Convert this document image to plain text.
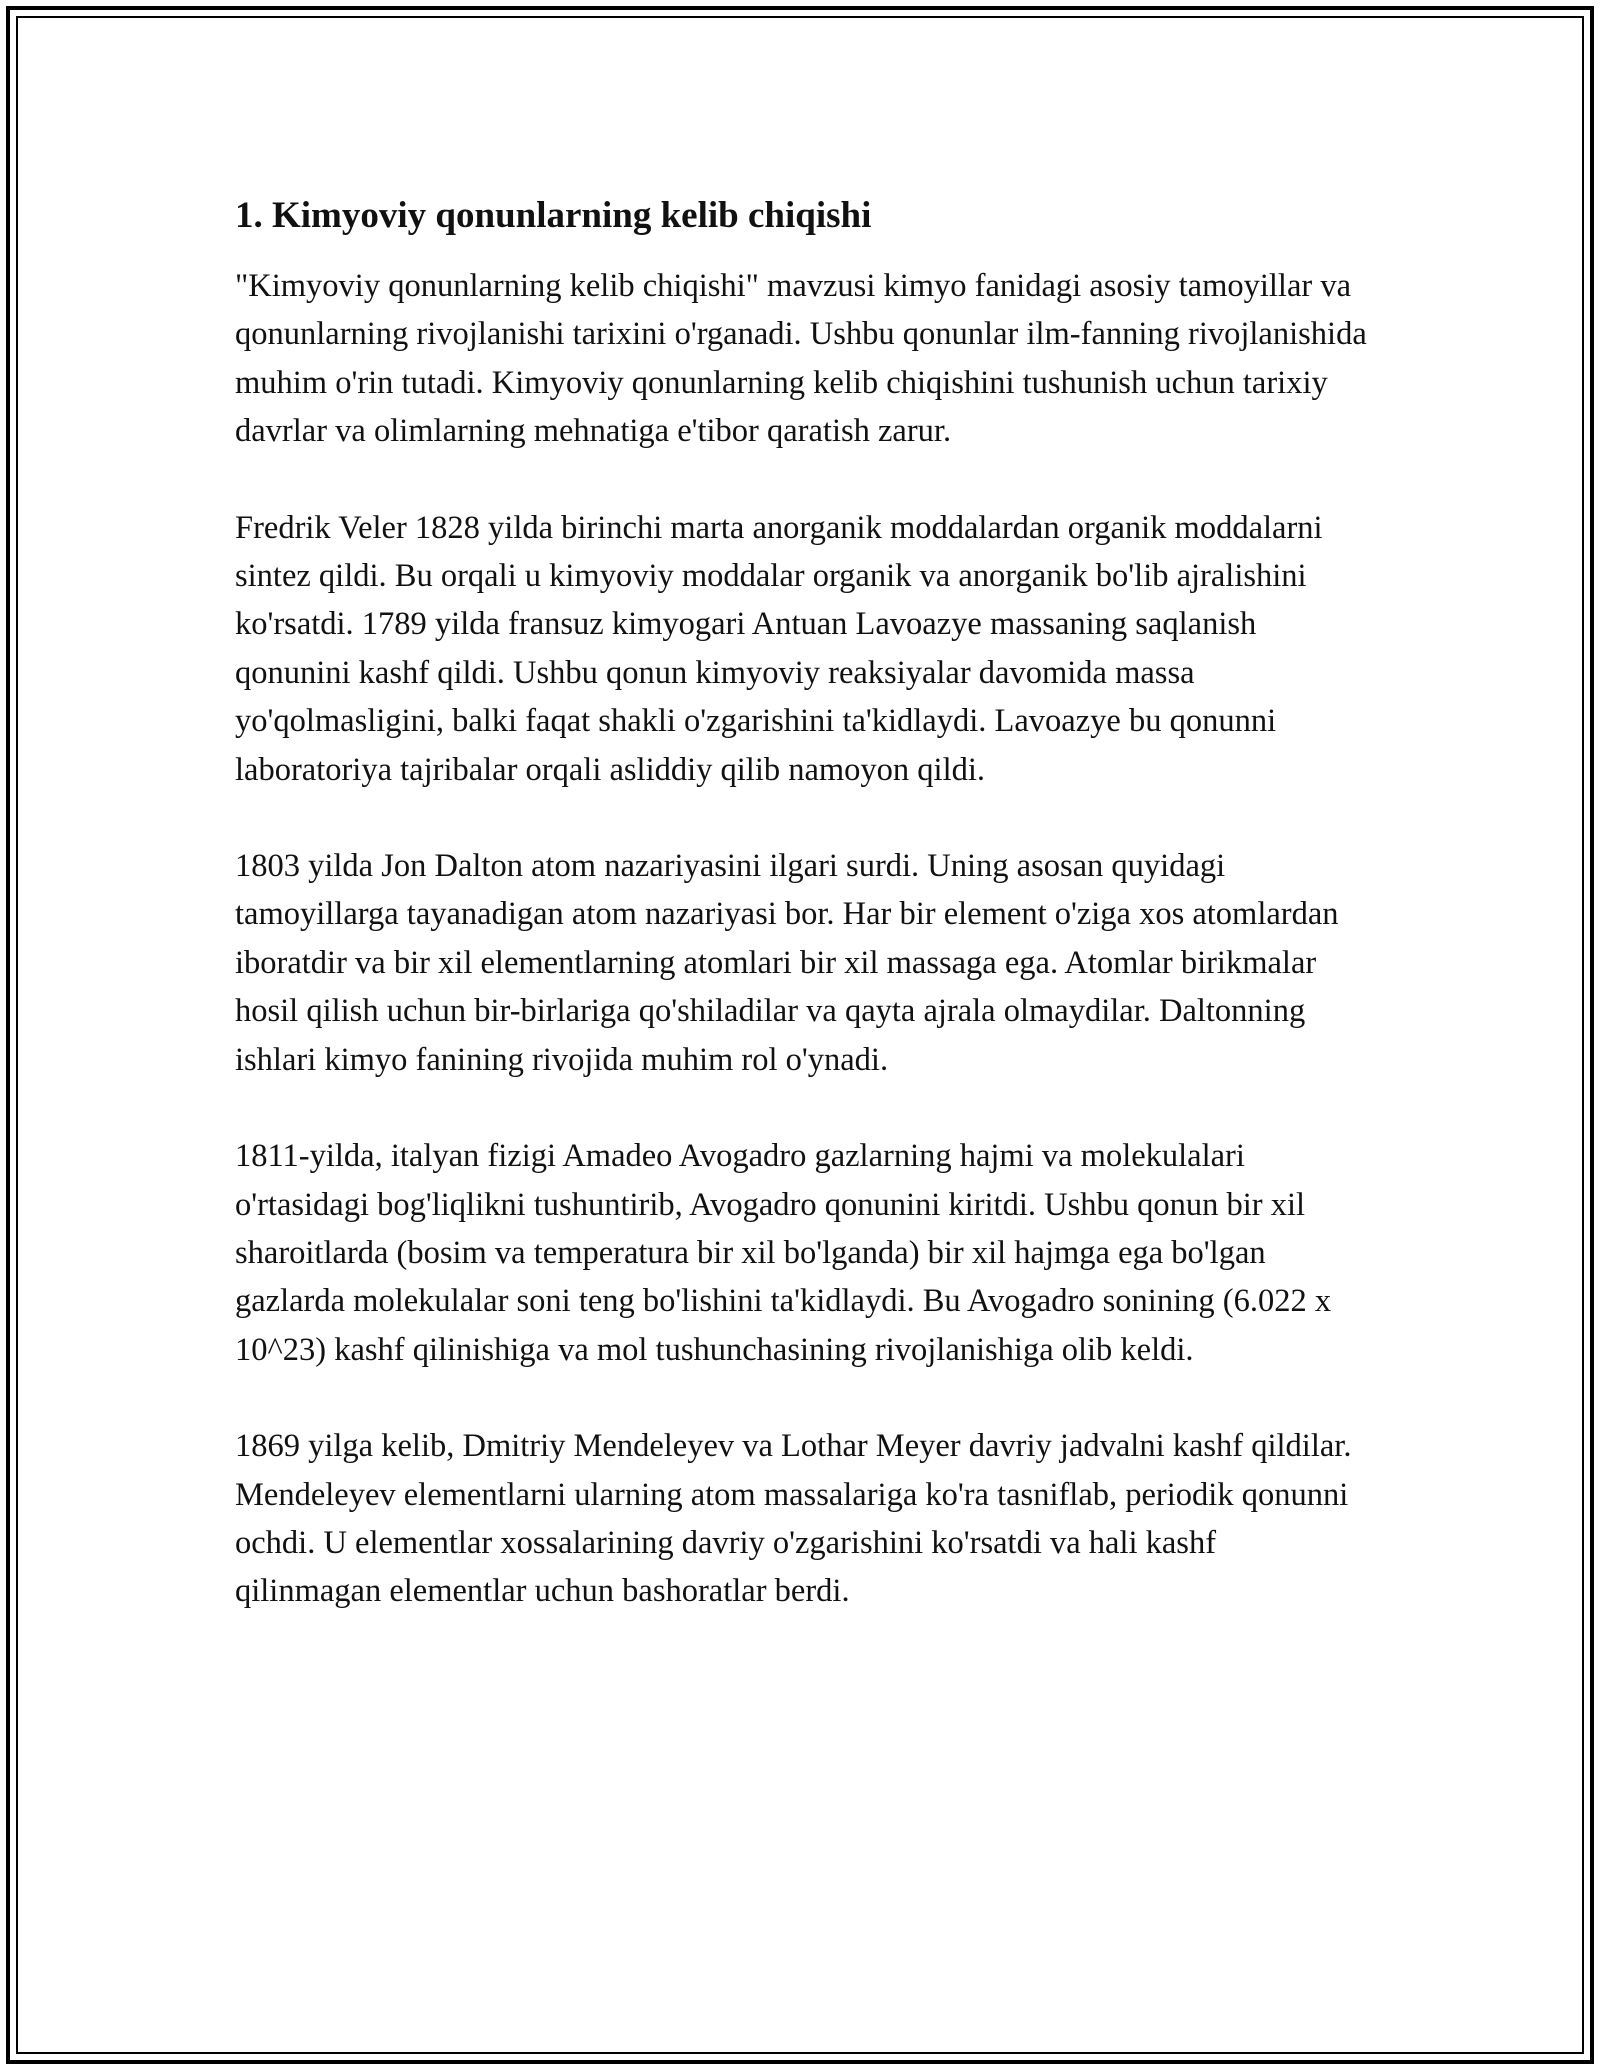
1. Kimyoviy qonunlarning kelib chiqishi

"Kimyoviy qonunlarning kelib chiqishi" mavzusi kimyo fanidagi asosiy tamoyillar va qonunlarning rivojlanishi tarixini o'rganadi. Ushbu qonunlar ilm-fanning rivojlanishida muhim o'rin tutadi. Kimyoviy qonunlarning kelib chiqishini tushunish uchun tarixiy davrlar va olimlarning mehnatiga e'tibor qaratish zarur.

Fredrik Veler 1828 yilda birinchi marta anorganik moddalardan organik moddalarni sintez qildi. Bu orqali u kimyoviy moddalar organik va anorganik bo'lib ajralishini ko'rsatdi. 1789 yilda fransuz kimyogari Antuan Lavoazye massaning saqlanish qonunini kashf qildi. Ushbu qonun kimyoviy reaksiyalar davomida massa yo'qolmasligini, balki faqat shakli o'zgarishini ta'kidlaydi. Lavoazye bu qonunni laboratoriya tajribalar orqali asliddiy qilib namoyon qildi.

1803 yilda Jon Dalton atom nazariyasini ilgari surdi. Uning asosan quyidagi tamoyillarga tayanadigan atom nazariyasi bor. Har bir element o'ziga xos atomlardan iboratdir va bir xil elementlarning atomlari bir xil massaga ega. Atomlar birikmalar hosil qilish uchun bir-birlariga qo'shiladilar va qayta ajrala olmaydilar. Daltonning ishlari kimyo fanining rivojida muhim rol o'ynadi.

1811-yilda, italyan fizigi Amadeo Avogadro gazlarning hajmi va molekulalari o'rtasidagi bog'liqlikni tushuntirib, Avogadro qonunini kiritdi. Ushbu qonun bir xil sharoitlarda (bosim va temperatura bir xil bo'lganda) bir xil hajmga ega bo'lgan gazlarda molekulalar soni teng bo'lishini ta'kidlaydi. Bu Avogadro sonining (6.022 x 10^23) kashf qilinishiga va mol tushunchasining rivojlanishiga olib keldi.

1869 yilga kelib, Dmitriy Mendeleyev va Lothar Meyer davriy jadvalni kashf qildilar. Mendeleyev elementlarni ularning atom massalariga ko'ra tasniflab, periodik qonunni ochdi. U elementlar xossalarining davriy o'zgarishini ko'rsatdi va hali kashf qilinmagan elementlar uchun bashoratlar berdi.
